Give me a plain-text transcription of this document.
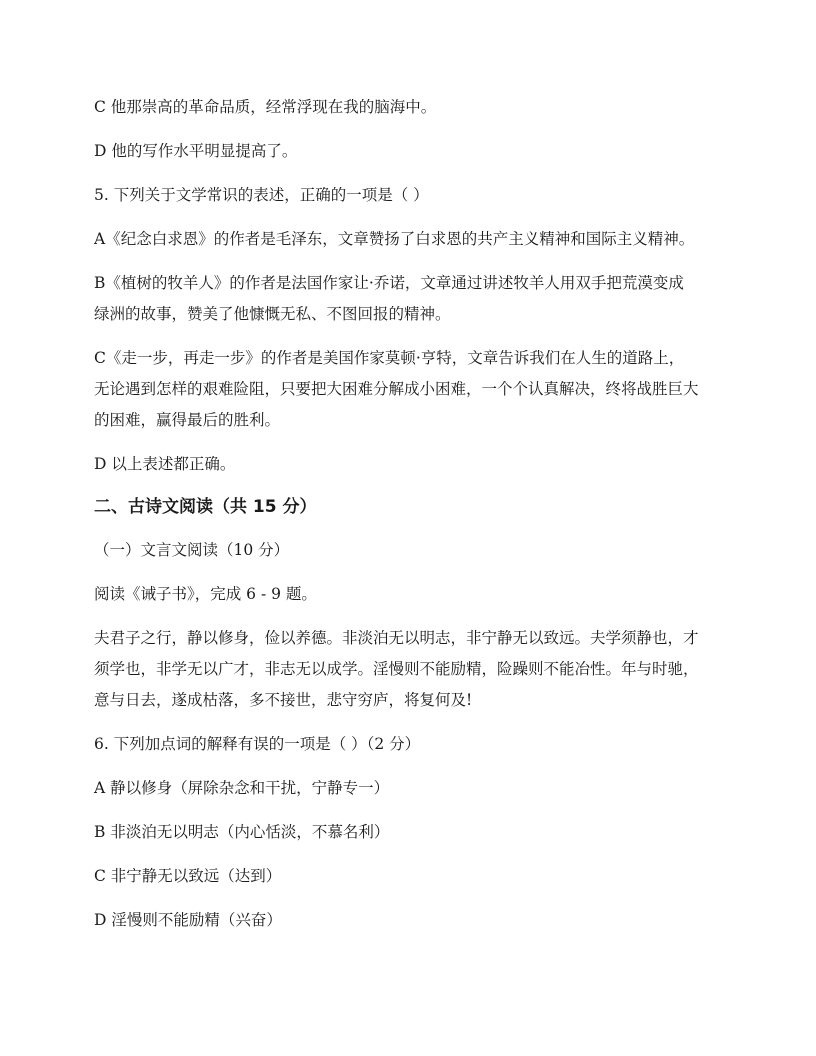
C 他那崇高的革命品质，经常浮现在我的脑海中。

D 他的写作水平明显提高了。

5. 下列关于文学常识的表述，正确的一项是（ ）

A《纪念白求恩》的作者是毛泽东，文章赞扬了白求恩的共产主义精神和国际主义精神。

B《植树的牧羊人》的作者是法国作家让·乔诺，文章通过讲述牧羊人用双手把荒漠变成
绿洲的故事，赞美了他慷慨无私、不图回报的精神。

C《走一步，再走一步》的作者是美国作家莫顿·亨特，文章告诉我们在人生的道路上，
无论遇到怎样的艰难险阻，只要把大困难分解成小困难，一个个认真解决，终将战胜巨大
的困难，赢得最后的胜利。

D 以上表述都正确。

二、古诗文阅读（共 15 分）

（一）文言文阅读（10 分）

阅读《诫子书》，完成 6 - 9 题。

夫君子之行，静以修身，俭以养德。非淡泊无以明志，非宁静无以致远。夫学须静也，才
须学也，非学无以广才，非志无以成学。淫慢则不能励精，险躁则不能冶性。年与时驰，
意与日去，遂成枯落，多不接世，悲守穷庐，将复何及!

6. 下列加点词的解释有误的一项是（ ）（2 分）

A 静以修身（屏除杂念和干扰，宁静专一）

B 非淡泊无以明志（内心恬淡，不慕名利）

C 非宁静无以致远（达到）

D 淫慢则不能励精（兴奋）
